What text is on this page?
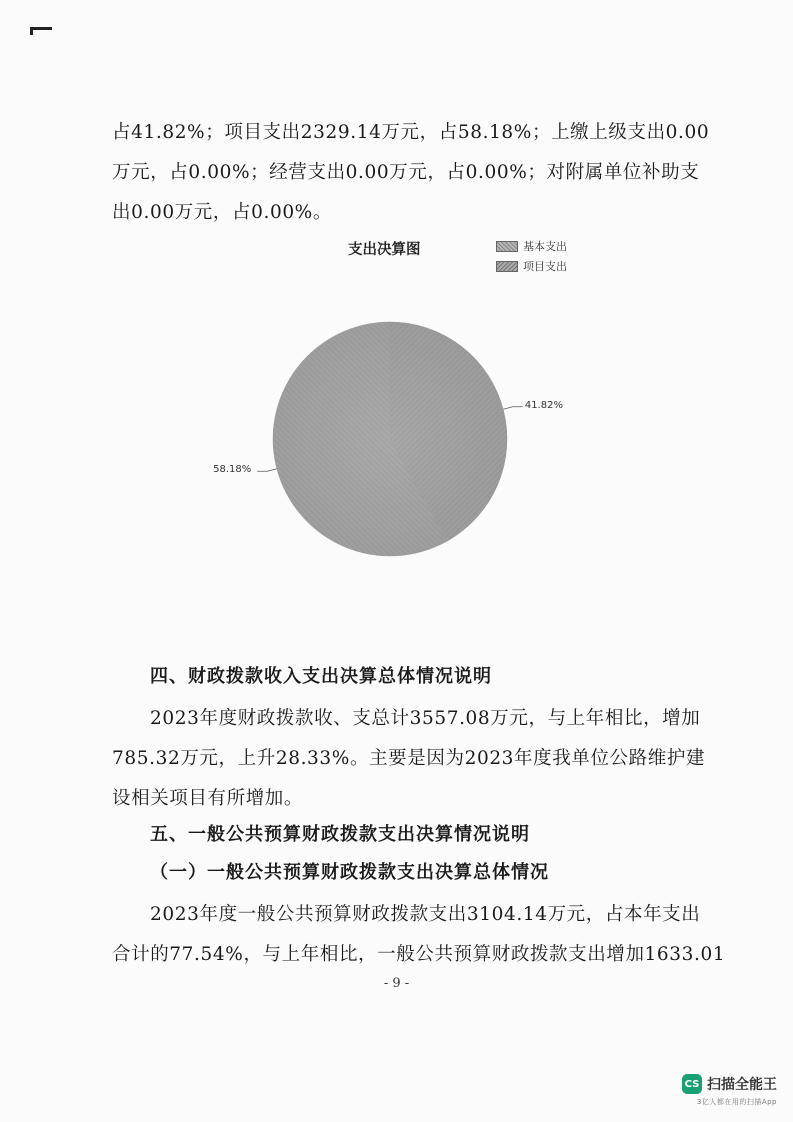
占41.82%；项目支出2329.14万元，占58.18%；上缴上级支出0.00
万元，占0.00%；经营支出0.00万元，占0.00%；对附属单位补助支
出0.00万元，占0.00%。
支出决算图	基本支出
项目支出
41.82%
58.18%
四、财政拨款收入支出决算总体情况说明
2023年度财政拨款收、支总计3557.08万元，与上年相比，增加
785.32万元，上升28.33%。主要是因为2023年度我单位公路维护建
设相关项目有所增加。
五、一般公共预算财政拨款支出决算情况说明
（一）一般公共预算财政拨款支出决算总体情况
2023年度一般公共预算财政拨款支出3104.14万元，占本年支出
合计的77.54%，与上年相比，一般公共预算财政拨款支出增加1633.01
- 9 -
CS 扫描全能王
3亿人都在用的扫描App
